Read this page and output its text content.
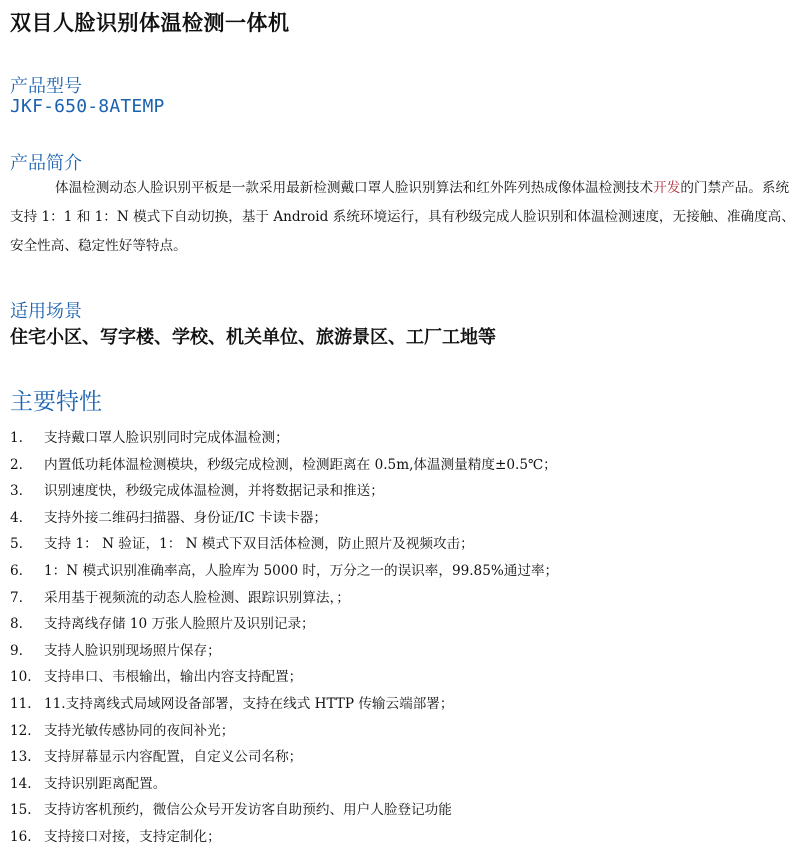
双目人脸识别体温检测一体机
产品型号
JKF-650-8ATEMP
产品简介
体温检测动态人脸识别平板是一款采用最新检测戴口罩人脸识别算法和红外阵列热成像体温检测技术开发的门禁产品。系统支持 1：1 和 1：N 模式下自动切换，基于 Android 系统环境运行，具有秒级完成人脸识别和体温检测速度，无接触、准确度高、安全性高、稳定性好等特点。
适用场景
住宅小区、写字楼、学校、机关单位、旅游景区、工厂工地等
主要特性
1. 支持戴口罩人脸识别同时完成体温检测；
2. 内置低功耗体温检测模块，秒级完成检测，检测距离在 0.5m,体温测量精度±0.5℃；
3. 识别速度快，秒级完成体温检测，并将数据记录和推送；
4. 支持外接二维码扫描器、身份证/IC 卡读卡器；
5. 支持 1： N 验证，1： N 模式下双目活体检测，防止照片及视频攻击；
6. 1：N 模式识别准确率高，人脸库为 5000 时，万分之一的误识率，99.85%通过率；
7. 采用基于视频流的动态人脸检测、跟踪识别算法，；
8. 支持离线存储 10 万张人脸照片及识别记录；
9. 支持人脸识别现场照片保存；
10. 支持串口、韦根输出，输出内容支持配置；
11. 11.支持离线式局域网设备部署，支持在线式 HTTP 传输云端部署；
12. 支持光敏传感协同的夜间补光；
13. 支持屏幕显示内容配置，自定义公司名称；
14. 支持识别距离配置。
15. 支持访客机预约，微信公众号开发访客自助预约、用户人脸登记功能
16. 支持接口对接，支持定制化；
